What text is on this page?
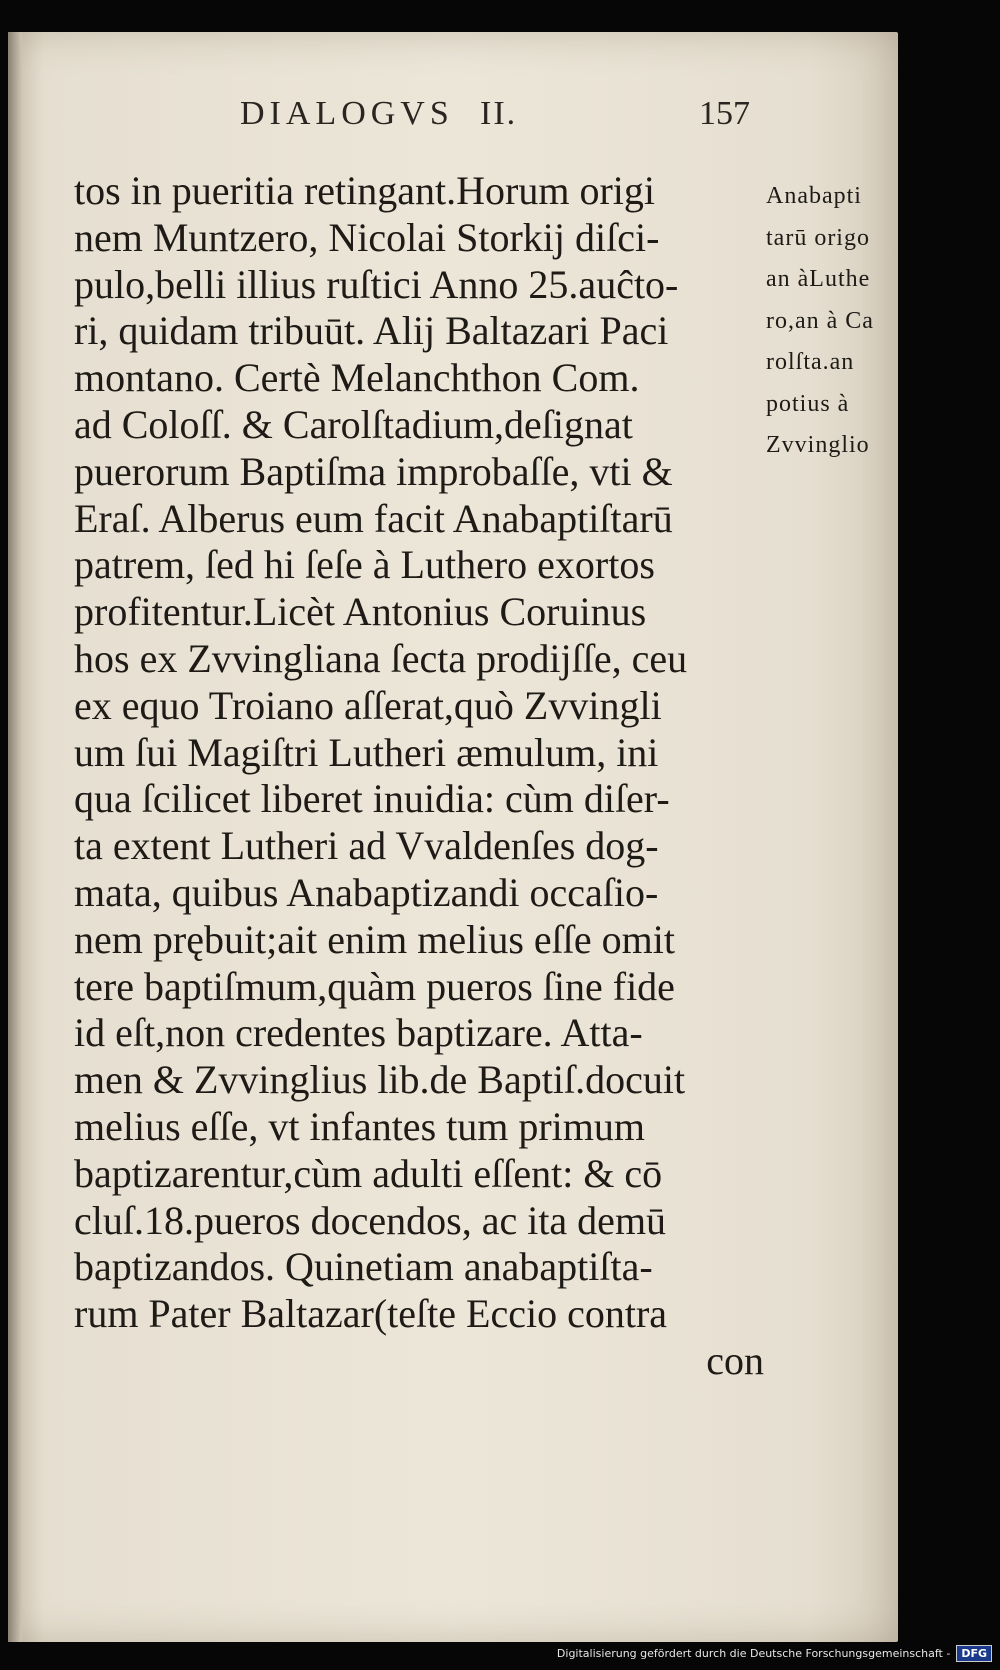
DIALOGVS II.	157
tos in pueritia retingant.Horum origi
nem Muntzero, Nicolai Storkij diſci-
pulo,belli illius ruſtici Anno 25.auĉto-
ri, quidam tribuūt. Alij Baltazari Paci
montano. Certè Melanchthon Com.
ad Coloſſ. & Carolſtadium,deſignat
puerorum Baptiſma improbaſſe, vti &
Eraſ. Alberus eum facit Anabaptiſtarū
patrem, ſed hi ſeſe à Luthero exortos
profitentur.Licèt Antonius Coruinus
hos ex Zvvingliana ſecta prodijſſe, ceu
ex equo Troiano aſſerat,quò Zvvingli
um ſui Magiſtri Lutheri æmulum, ini
qua ſcilicet liberet inuidia: cùm diſer-
ta extent Lutheri ad Vvaldenſes dog-
mata, quibus Anabaptizandi occaſio-
nem prębuit;ait enim melius eſſe omit
tere baptiſmum,quàm pueros ſine fide
id eſt,non credentes baptizare. Atta-
men & Zvvinglius lib.de Baptiſ.docuit
melius eſſe, vt infantes tum primum
baptizarentur,cùm adulti eſſent: & cō
cluſ.18.pueros docendos, ac ita demū
baptizandos. Quinetiam anabaptiſta-
rum Pater Baltazar(teſte Eccio contra
con
Anabapti
tarū origo
an àLuthe
ro,an à Ca
rolſta.an
potius à
Zvvinglio
Digitalisierung gefördert durch die Deutsche Forschungsgemeinschaft -	DFG
